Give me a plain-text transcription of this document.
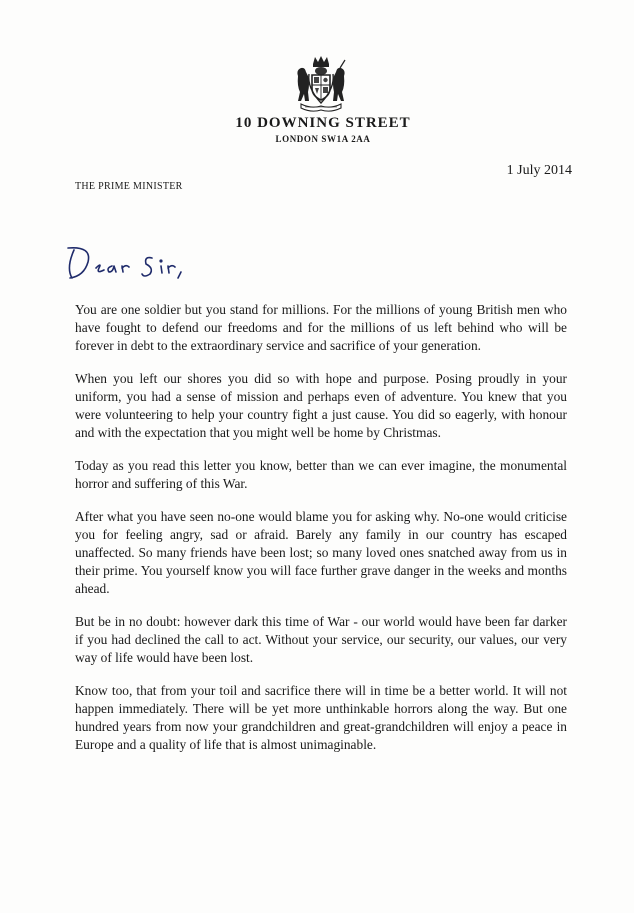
10 DOWNING STREET
LONDON SW1A 2AA
1 July 2014
THE PRIME MINISTER

You are one soldier but you stand for millions. For the millions of young British men who have fought to defend our freedoms and for the millions of us left behind who will be forever in debt to the extraordinary service and sacrifice of your generation.

When you left our shores you did so with hope and purpose. Posing proudly in your uniform, you had a sense of mission and perhaps even of adventure. You knew that you were volunteering to help your country fight a just cause. You did so eagerly, with honour and with the expectation that you might well be home by Christmas.

Today as you read this letter you know, better than we can ever imagine, the monumental horror and suffering of this War.

After what you have seen no-one would blame you for asking why. No-one would criticise you for feeling angry, sad or afraid. Barely any family in our country has escaped unaffected. So many friends have been lost; so many loved ones snatched away from us in their prime. You yourself know you will face further grave danger in the weeks and months ahead.

But be in no doubt: however dark this time of War - our world would have been far darker if you had declined the call to act. Without your service, our security, our values, our very way of life would have been lost.

Know too, that from your toil and sacrifice there will in time be a better world. It will not happen immediately. There will be yet more unthinkable horrors along the way. But one hundred years from now your grandchildren and great-grandchildren will enjoy a peace in Europe and a quality of life that is almost unimaginable.
